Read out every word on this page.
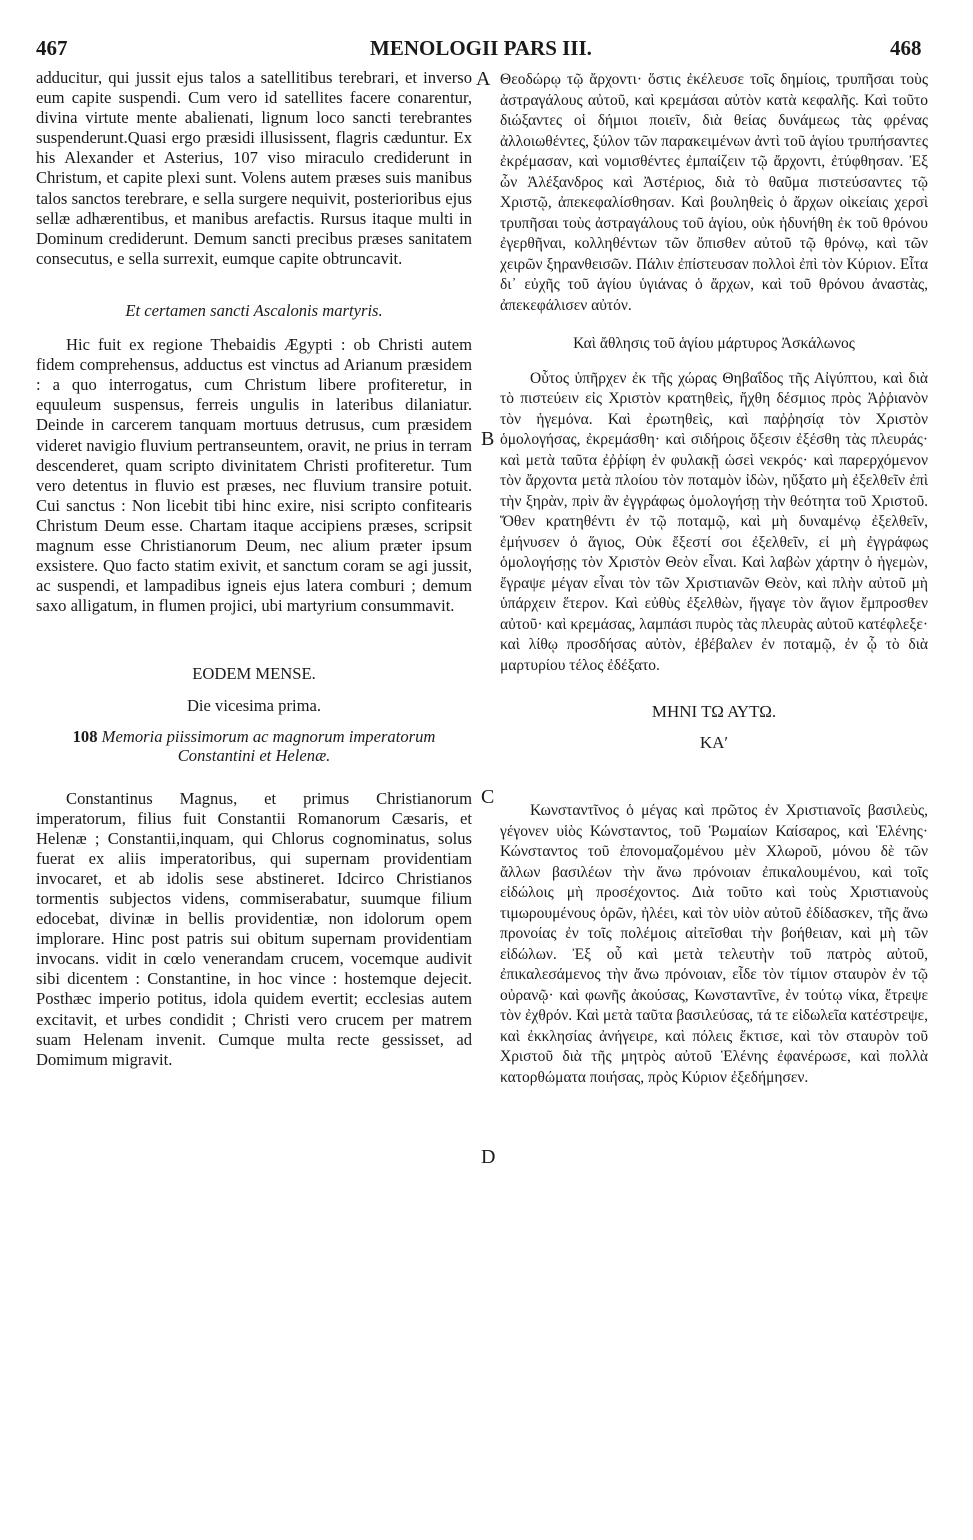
467	MENOLOGII PARS III.	468
A
B
C
D

adducitur, qui jussit ejus talos a satellitibus terebrari, et inverso eum capite suspendi. Cum vero id satellites facere conarentur, divina virtute mente abalienati, lignum loco sancti terebrantes suspenderunt.Quasi ergo præsidi illusissent, flagris cæduntur. Ex his Alexander et Asterius, 107 viso miraculo crediderunt in Christum, et capite plexi sunt. Volens autem præses suis manibus talos sanctos terebrare, e sella surgere nequivit, posterioribus ejus sellæ adhærentibus, et manibus arefactis. Rursus itaque multi in Dominum crediderunt. Demum sancti precibus præses sanitatem consecutus, e sella surrexit, eumque capite obtruncavit.

Et certamen sancti Ascalonis martyris.

Hic fuit ex regione Thebaidis Ægypti : ob Christi autem fidem comprehensus, adductus est vinctus ad Arianum præsidem : a quo interrogatus, cum Christum libere profiteretur, in equuleum suspensus, ferreis ungulis in lateribus dilaniatur. Deinde in carcerem tanquam mortuus detrusus, cum præsidem videret navigio fluvium pertranseuntem, oravit, ne prius in terram descenderet, quam scripto divinitatem Christi profiteretur. Tum vero detentus in fluvio est præses, nec fluvium transire potuit. Cui sanctus : Non licebit tibi hinc exire, nisi scripto confitearis Christum Deum esse. Chartam itaque accipiens præses, scripsit magnum esse Christianorum Deum, nec alium præter ipsum exsistere. Quo facto statim exivit, et sanctum coram se agi jussit, ac suspendi, et lampadibus igneis ejus latera comburi ; demum saxo alligatum, in flumen projici, ubi martyrium consummavit.

EODEM MENSE.

Die vicesima prima.

108 Memoria piissimorum ac magnorum imperatorum Constantini et Helenæ.

Constantinus Magnus, et primus Christianorum imperatorum, filius fuit Constantii Romanorum Cæsaris, et Helenæ ; Constantii,inquam, qui Chlorus cognominatus, solus fuerat ex aliis imperatoribus, qui supernam providentiam invocaret, et ab idolis sese abstineret. Idcirco Christianos tormentis subjectos videns, commiserabatur, suumque filium edocebat, divinæ in bellis providentiæ, non idolorum opem implorare. Hinc post patris sui obitum supernam providentiam invocans. vidit in cœlo venerandam crucem, vocemque audivit sibi dicentem : Constantine, in hoc vince : hostemque dejecit. Posthæc imperio potitus, idola quidem evertit; ecclesias autem excitavit, et urbes condidit ; Christi vero crucem per matrem suam Helenam invenit. Cumque multa recte gessisset, ad Domimum migravit.

Θεοδώρῳ τῷ ἄρχοντι· ὅστις ἐκέλευσε τοῖς δημίοις, τρυπῆσαι τοὺς ἀστραγάλους αὐτοῦ, καὶ κρεμάσαι αὐτὸν κατὰ κεφαλῆς. Καὶ τοῦτο διώξαντες οἱ δήμιοι ποιεῖν, διὰ θείας δυνάμεως τὰς φρένας ἀλλοιωθέντες, ξύλον τῶν παρακειμένων ἀντὶ τοῦ ἁγίου τρυπήσαντες ἐκρέμασαν, καὶ νομισθέντες ἐμπαίζειν τῷ ἄρχοντι, ἐτύφθησαν. Ἐξ ὧν Ἀλέξανδρος καὶ Ἀστέριος, διὰ τὸ θαῦμα πιστεύσαντες τῷ Χριστῷ, ἀπεκεφαλίσθησαν. Καὶ βουληθεὶς ὁ ἄρχων οἰκείαις χερσὶ τρυπῆσαι τοὺς ἀστραγάλους τοῦ ἁγίου, οὐκ ἠδυνήθη ἐκ τοῦ θρόνου ἐγερθῆναι, κολληθέντων τῶν ὄπισθεν αὐτοῦ τῷ θρόνῳ, καὶ τῶν χειρῶν ξηρανθεισῶν. Πάλιν ἐπίστευσαν πολλοὶ ἐπὶ τὸν Κύριον. Εἶτα δι᾽ εὐχῆς τοῦ ἁγίου ὑγιάνας ὁ ἄρχων, καὶ τοῦ θρόνου ἀναστὰς, ἀπεκεφάλισεν αὐτόν.

Καὶ ἄθλησις τοῦ ἁγίου μάρτυρος Ἀσκάλωνος

Οὗτος ὑπῆρχεν ἐκ τῆς χώρας Θηβαΐδος τῆς Αἰγύπτου, καὶ διὰ τὸ πιστεύειν εἰς Χριστὸν κρατηθεὶς, ἤχθη δέσμιος πρὸς Ἀῤῥιανὸν τὸν ἡγεμόνα. Καὶ ἐρωτηθεὶς, καὶ παῤῥησίᾳ τὸν Χριστὸν ὁμολογήσας, ἐκρεμάσθη· καὶ σιδήροις ὄξεσιν ἐξέσθη τὰς πλευράς· καὶ μετὰ ταῦτα ἐῤῥίφη ἐν φυλακῇ ὡσεὶ νεκρός· καὶ παρερχόμενον τὸν ἄρχοντα μετὰ πλοίου τὸν ποταμὸν ἰδὼν, ηὔξατο μὴ ἐξελθεῖν ἐπὶ τὴν ξηρὰν, πρὶν ἂν ἐγγράφως ὁμολογήσῃ τὴν θεότητα τοῦ Χριστοῦ. Ὅθεν κρατηθέντι ἐν τῷ ποταμῷ, καὶ μὴ δυναμένῳ ἐξελθεῖν, ἐμήνυσεν ὁ ἅγιος, Οὐκ ἔξεστί σοι ἐξελθεῖν, εἰ μὴ ἐγγράφως ὁμολογήσῃς τὸν Χριστὸν Θεὸν εἶναι. Καὶ λαβὼν χάρτην ὁ ἡγεμὼν, ἔγραψε μέγαν εἶναι τὸν τῶν Χριστιανῶν Θεὸν, καὶ πλὴν αὐτοῦ μὴ ὑπάρχειν ἕτερον. Καὶ εὐθὺς ἐξελθὼν, ἤγαγε τὸν ἅγιον ἔμπροσθεν αὐτοῦ· καὶ κρεμάσας, λαμπάσι πυρὸς τὰς πλευρὰς αὐτοῦ κατέφλεξε· καὶ λίθῳ προσδήσας αὐτὸν, ἐβέβαλεν ἐν ποταμῷ, ἐν ᾧ τὸ διὰ μαρτυρίου τέλος ἐδέξατο.

ΜΗΝΙ ΤΩ ΑΥΤΩ.

ΚΑʹ

Κωνσταντῖνος ὁ μέγας καὶ πρῶτος ἐν Χριστιανοῖς βασιλεὺς, γέγονεν υἱὸς Κώνσταντος, τοῦ Ῥωμαίων Καίσαρος, καὶ Ἑλένης· Κώνσταντος τοῦ ἐπονομαζομένου μὲν Χλωροῦ, μόνου δὲ τῶν ἄλλων βασιλέων τὴν ἄνω πρόνοιαν ἐπικαλουμένου, καὶ τοῖς εἰδώλοις μὴ προσέχοντος. Διὰ τοῦτο καὶ τοὺς Χριστιανοὺς τιμωρουμένους ὁρῶν, ἠλέει, καὶ τὸν υἱὸν αὐτοῦ ἐδίδασκεν, τῆς ἄνω προνοίας ἐν τοῖς πολέμοις αἰτεῖσθαι τὴν βοήθειαν, καὶ μὴ τῶν εἰδώλων. Ἐξ οὗ καὶ μετὰ τελευτὴν τοῦ πατρὸς αὐτοῦ, ἐπικαλεσάμενος τὴν ἄνω πρόνοιαν, εἶδε τὸν τίμιον σταυρὸν ἐν τῷ οὐρανῷ· καὶ φωνῆς ἀκούσας, Κωνσταντῖνε, ἐν τούτῳ νίκα, ἔτρεψε τὸν ἐχθρόν. Καὶ μετὰ ταῦτα βασιλεύσας, τά τε εἰδωλεῖα κατέστρεψε, καὶ ἐκκλησίας ἀνήγειρε, καὶ πόλεις ἔκτισε, καὶ τὸν σταυρὸν τοῦ Χριστοῦ διὰ τῆς μητρὸς αὐτοῦ Ἑλένης ἐφανέρωσε, καὶ πολλὰ κατορθώματα ποιήσας, πρὸς Κύριον ἐξεδήμησεν.
